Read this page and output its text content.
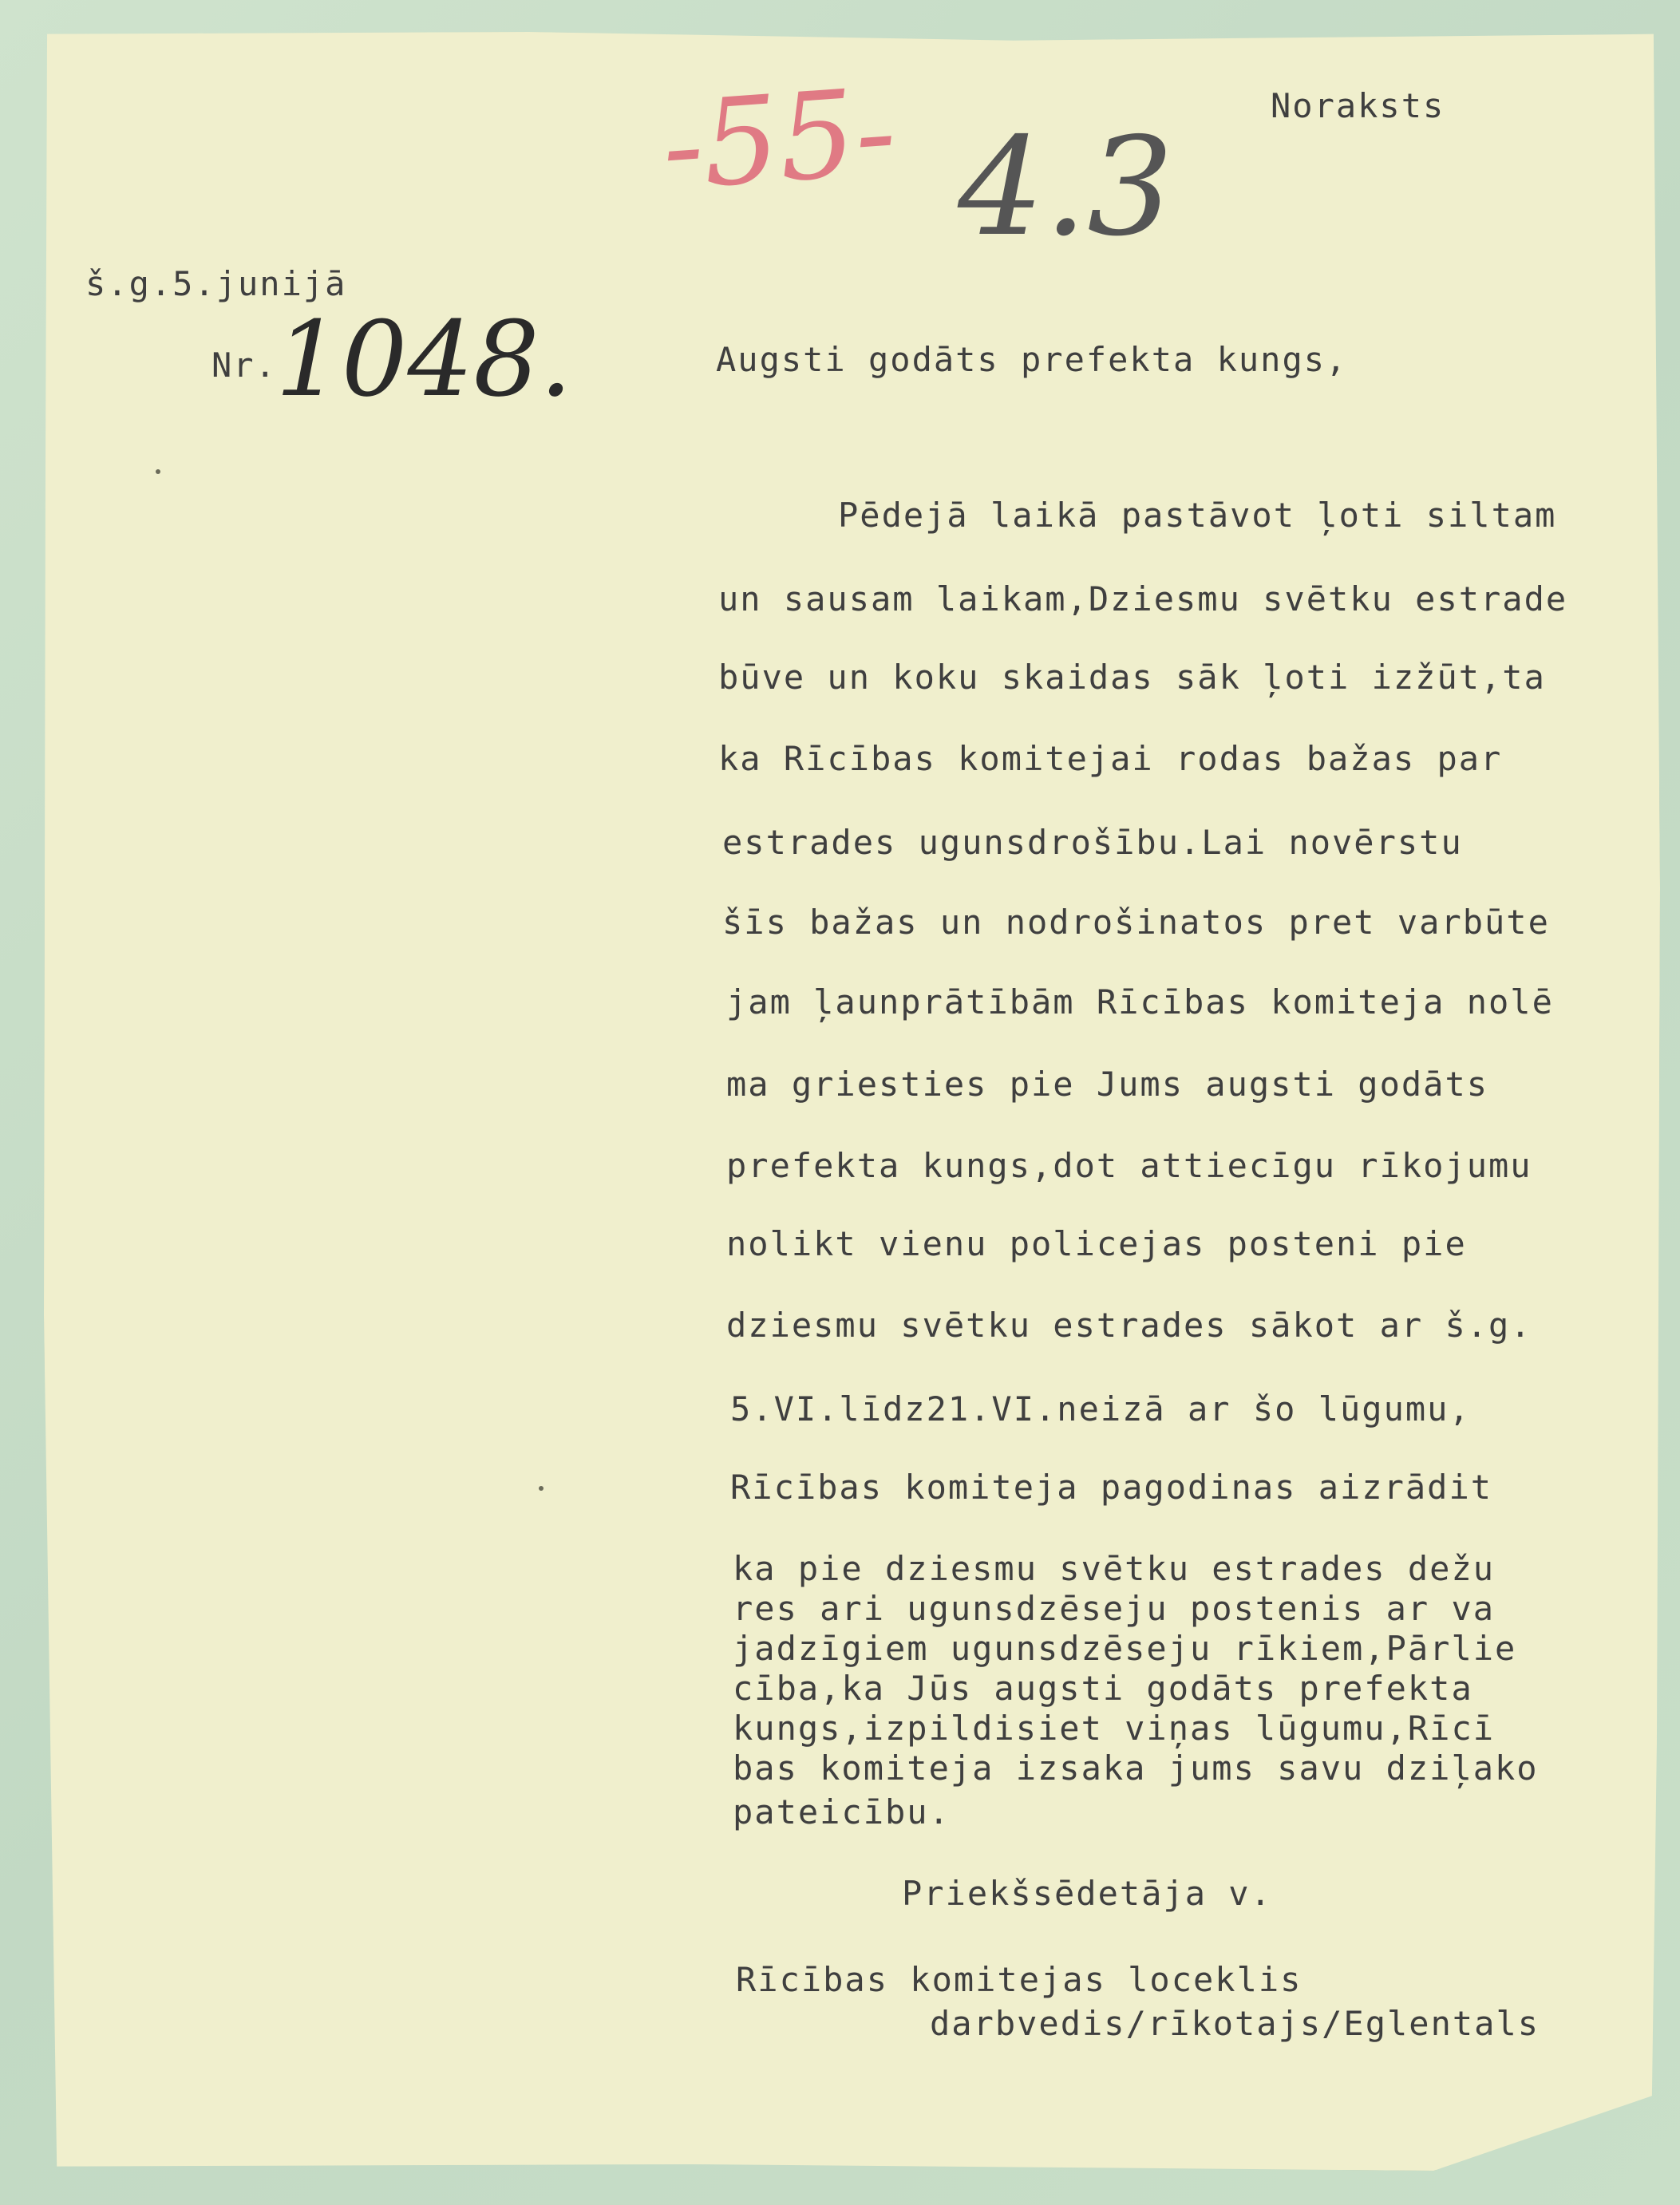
-55- 4.3
1048.
Noraksts
š.g.5.junijā
Nr.	Augsti godāts prefekta kungs,
Pēdejā laikā pastāvot ļoti siltam
un sausam laikam,Dziesmu svētku estrade
būve un koku skaidas sāk ļoti izžūt,ta
ka Rīcības komitejai rodas bažas par
estrades ugunsdrošību.Lai novērstu
šīs bažas un nodrošinatos pret varbūte
jam ļaunprātībām Rīcības komiteja nolē
ma griesties pie Jums augsti godāts
prefekta kungs,dot attiecīgu rīkojumu
nolikt vienu policejas posteni pie
dziesmu svētku estrades sākot ar š.g.
5.VI.līdz21.VI.neizā ar šo lūgumu,
Rīcības komiteja pagodinas aizrādit
ka pie dziesmu svētku estrades dežu
res ari ugunsdzēseju postenis ar va
jadzīgiem ugunsdzēseju rīkiem,Pārlie
cība,ka Jūs augsti godāts prefekta
kungs,izpildisiet viņas lūgumu,Rīcī
bas komiteja izsaka jums savu dziļako
pateicību.
Priekšsēdetāja v.
Rīcības komitejas loceklis
darbvedis/rīkotajs/Eglentals
